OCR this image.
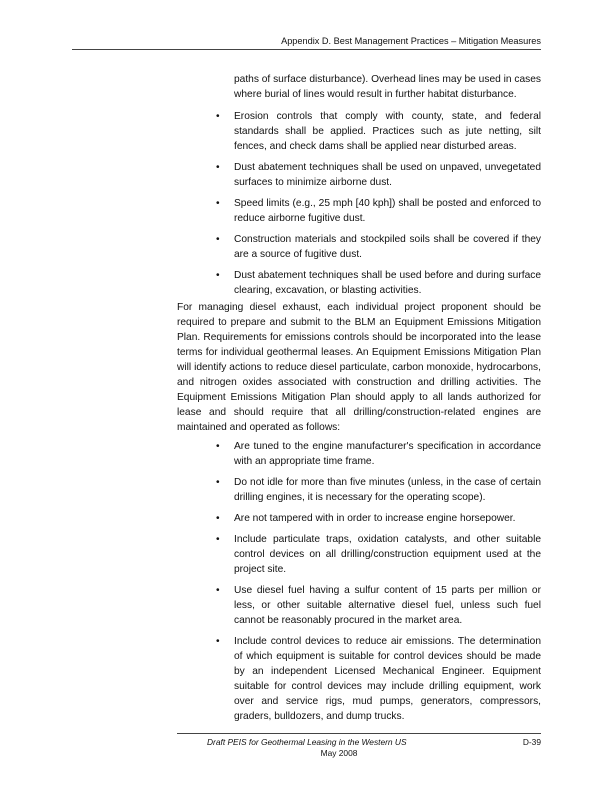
Appendix D. Best Management Practices – Mitigation Measures
paths of surface disturbance). Overhead lines may be used in cases where burial of lines would result in further habitat disturbance.
•	Erosion controls that comply with county, state, and federal standards shall be applied. Practices such as jute netting, silt fences, and check dams shall be applied near disturbed areas.
•	Dust abatement techniques shall be used on unpaved, unvegetated surfaces to minimize airborne dust.
•	Speed limits (e.g., 25 mph [40 kph]) shall be posted and enforced to reduce airborne fugitive dust.
•	Construction materials and stockpiled soils shall be covered if they are a source of fugitive dust.
•	Dust abatement techniques shall be used before and during surface clearing, excavation, or blasting activities.
For managing diesel exhaust, each individual project proponent should be required to prepare and submit to the BLM an Equipment Emissions Mitigation Plan. Requirements for emissions controls should be incorporated into the lease terms for individual geothermal leases. An Equipment Emissions Mitigation Plan will identify actions to reduce diesel particulate, carbon monoxide, hydrocarbons, and nitrogen oxides associated with construction and drilling activities. The Equipment Emissions Mitigation Plan should apply to all lands authorized for lease and should require that all drilling/construction-related engines are maintained and operated as follows:
•	Are tuned to the engine manufacturer's specification in accordance with an appropriate time frame.
•	Do not idle for more than five minutes (unless, in the case of certain drilling engines, it is necessary for the operating scope).
•	Are not tampered with in order to increase engine horsepower.
•	Include particulate traps, oxidation catalysts, and other suitable control devices on all drilling/construction equipment used at the project site.
•	Use diesel fuel having a sulfur content of 15 parts per million or less, or other suitable alternative diesel fuel, unless such fuel cannot be reasonably procured in the market area.
•	Include control devices to reduce air emissions. The determination of which equipment is suitable for control devices should be made by an independent Licensed Mechanical Engineer. Equipment suitable for control devices may include drilling equipment, work over and service rigs, mud pumps, generators, compressors, graders, bulldozers, and dump trucks.
Draft PEIS for Geothermal Leasing in the Western US	D-39
May 2008
